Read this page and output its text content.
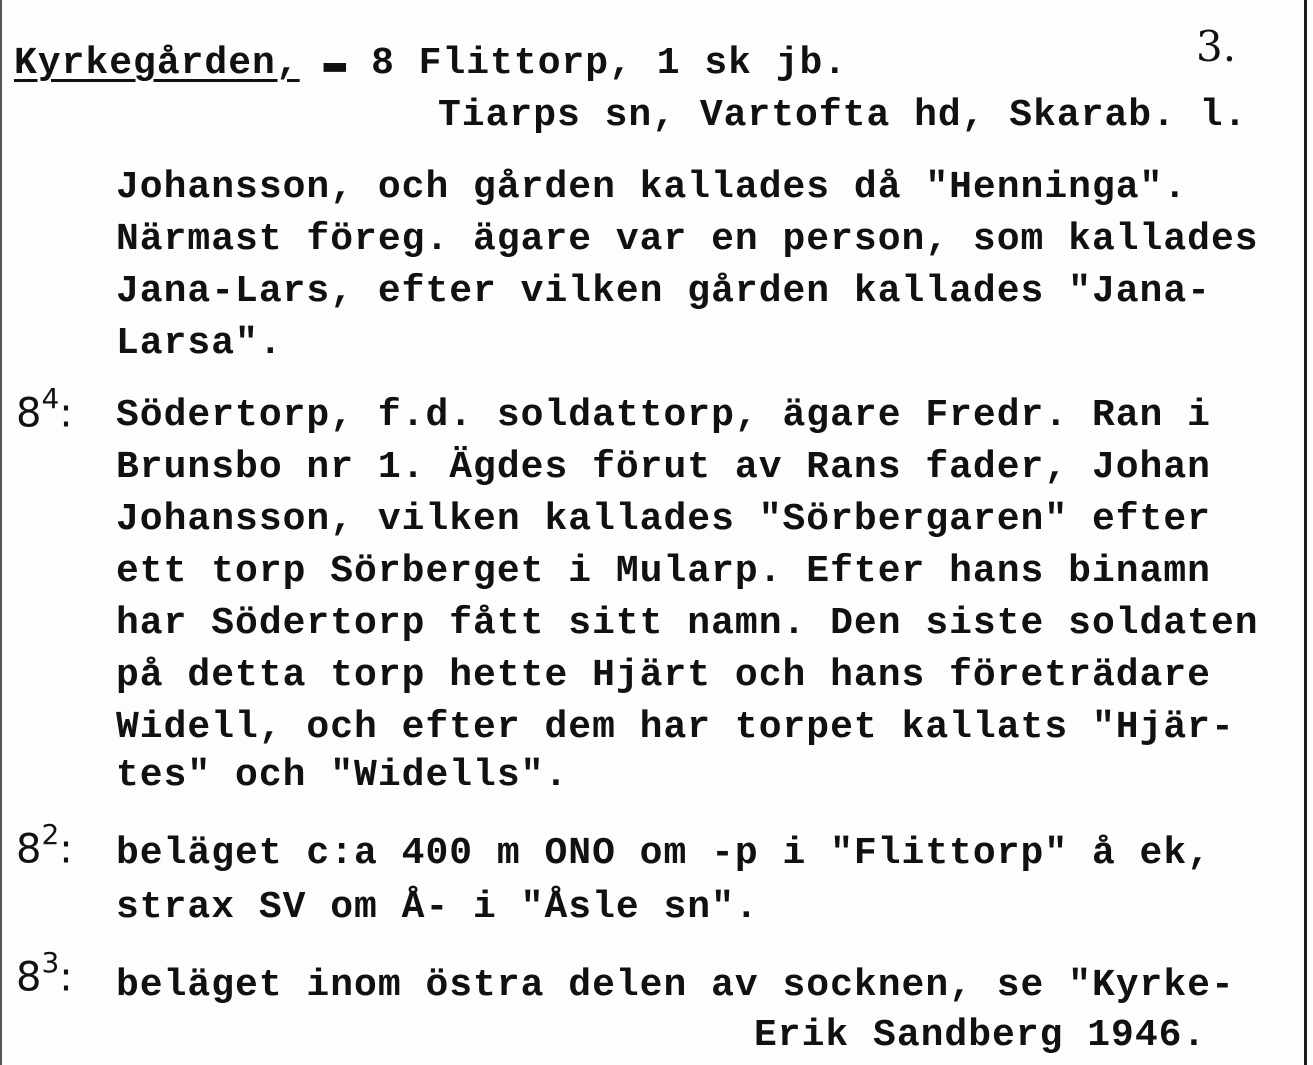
Kyrkegården, ▬ 8 Flittorp, 1 sk jb.	3.
Tiarps sn, Vartofta hd, Skarab. l.
Johansson, och gården kallades då "Henninga".
Närmast föreg. ägare var en person, som kallades
Jana-Lars, efter vilken gården kallades "Jana-
Larsa".
$8^4$: Södertorp, f.d. soldattorp, ägare Fredr. Ran i
Brunsbo nr 1. Ägdes förut av Rans fader, Johan
Johansson, vilken kallades "Sörbergaren" efter
ett torp Sörberget i Mularp. Efter hans binamn
har Södertorp fått sitt namn. Den siste soldaten
på detta torp hette Hjärt och hans företrädare
Widell, och efter dem har torpet kallats "Hjär-
tes" och "Widells".
$8^2$: beläget c:a 400 m ONO om -p i "Flittorp" å ek,
strax SV om Å- i "Åsle sn".
$8^3$: beläget inom östra delen av socknen, se "Kyrke-
Erik Sandberg 1946.
